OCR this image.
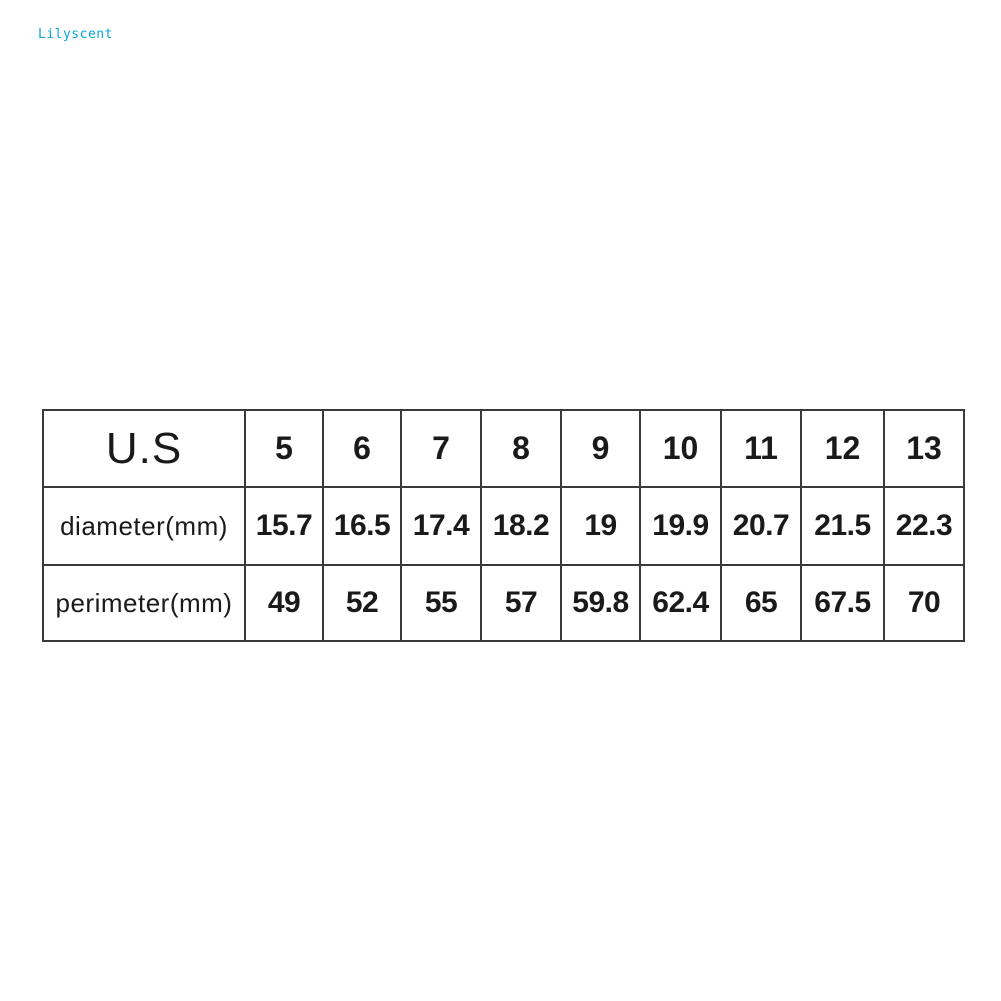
Lilyscent
U.S	5	6	7	8	9	10	11	12	13
diameter(mm)	15.7	16.5	17.4	18.2	19	19.9	20.7	21.5	22.3
perimeter(mm)	49	52	55	57	59.8	62.4	65	67.5	70
